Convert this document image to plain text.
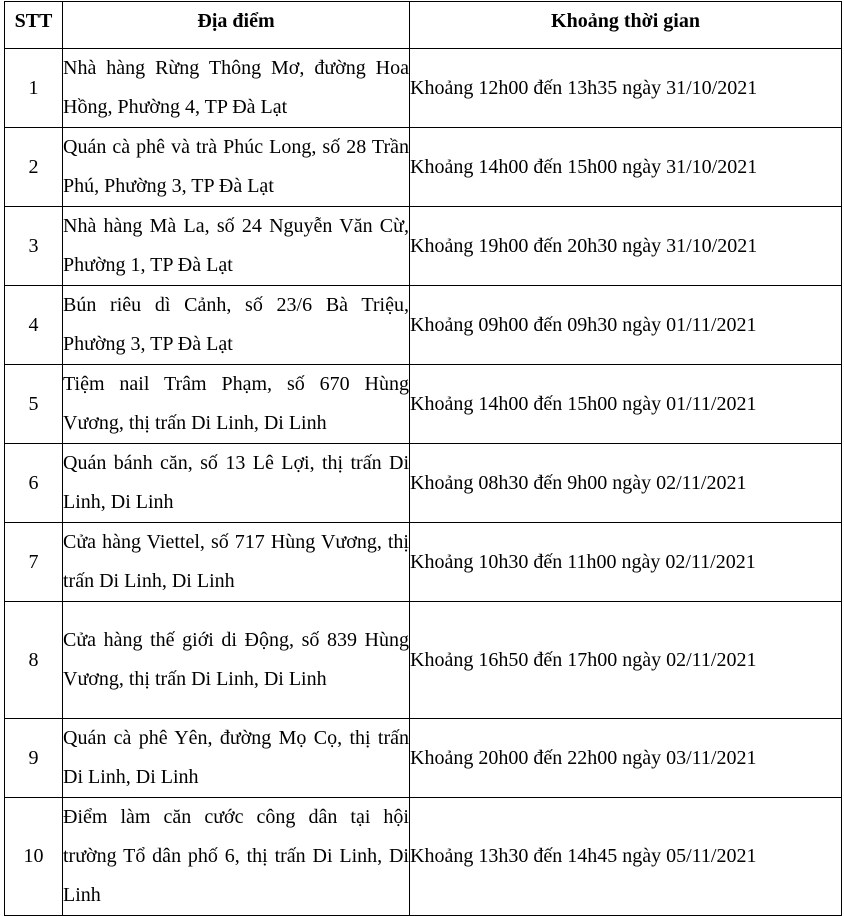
STT	Địa điểm	Khoảng thời gian
1	Nhà hàng Rừng Thông Mơ, đường Hoa Hồng, Phường 4, TP Đà Lạt	Khoảng 12h00 đến 13h35 ngày 31/10/2021
2	Quán cà phê và trà Phúc Long, số 28 Trần Phú, Phường 3, TP Đà Lạt	Khoảng 14h00 đến 15h00 ngày 31/10/2021
3	Nhà hàng Mà La, số 24 Nguyễn Văn Cừ, Phường 1, TP Đà Lạt	Khoảng 19h00 đến 20h30 ngày 31/10/2021
4	Bún riêu dì Cảnh, số 23/6 Bà Triệu, Phường 3, TP Đà Lạt	Khoảng 09h00 đến 09h30 ngày 01/11/2021
5	Tiệm nail Trâm Phạm, số 670 Hùng Vương, thị trấn Di Linh, Di Linh	Khoảng 14h00 đến 15h00 ngày 01/11/2021
6	Quán bánh căn, số 13 Lê Lợi, thị trấn Di Linh, Di Linh	Khoảng 08h30 đến 9h00 ngày 02/11/2021
7	Cửa hàng Viettel, số 717 Hùng Vương, thị trấn Di Linh, Di Linh	Khoảng 10h30 đến 11h00 ngày 02/11/2021
8	Cửa hàng thế giới di Động, số 839 Hùng Vương, thị trấn Di Linh, Di Linh	Khoảng 16h50 đến 17h00 ngày 02/11/2021
9	Quán cà phê Yên, đường Mọ Cọ, thị trấn Di Linh, Di Linh	Khoảng 20h00 đến 22h00 ngày 03/11/2021
10	Điểm làm căn cước công dân tại hội trường Tổ dân phố 6, thị trấn Di Linh, Di Linh	Khoảng 13h30 đến 14h45 ngày 05/11/2021
